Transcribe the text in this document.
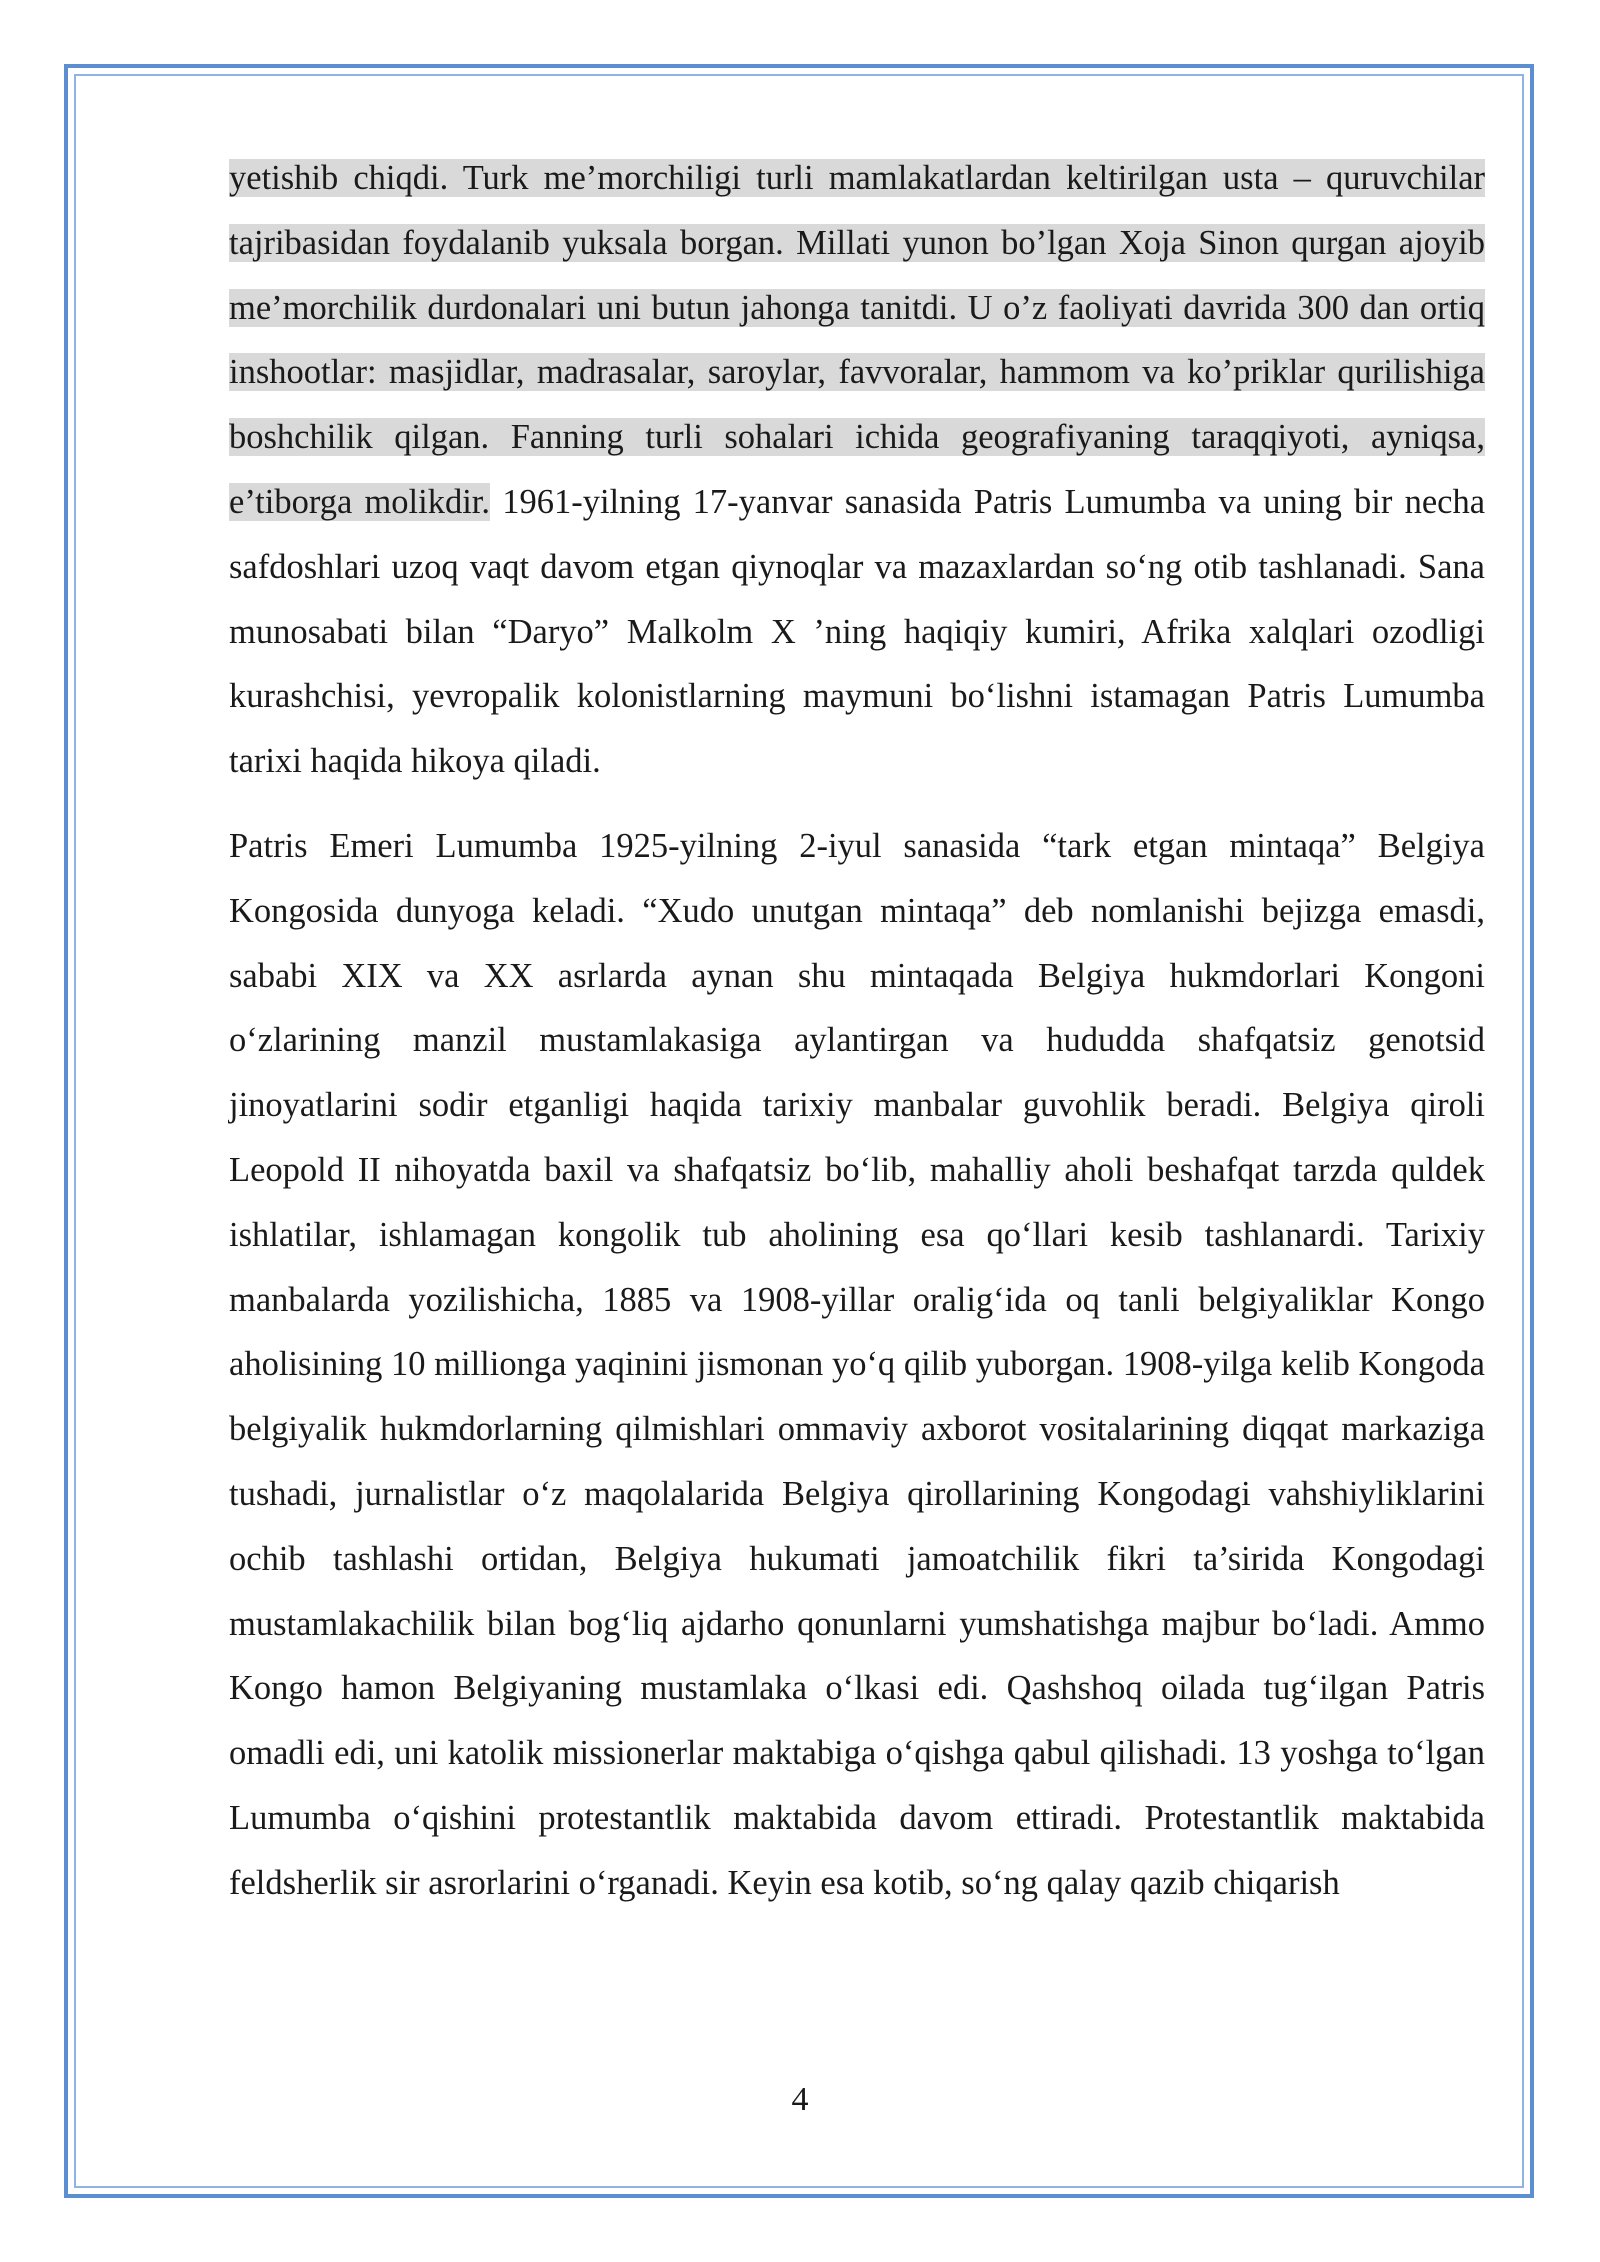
yetishib chiqdi. Turk me’morchiligi turli mamlakatlardan keltirilgan usta – quruvchilar tajribasidan foydalanib yuksala borgan. Millati yunon bo’lgan Xoja Sinon qurgan ajoyib me’morchilik durdonalari uni butun jahonga tanitdi. U o’z faoliyati davrida 300 dan ortiq inshootlar: masjidlar, madrasalar, saroylar, favvoralar, hammom va ko’priklar qurilishiga boshchilik qilgan. Fanning turli sohalari ichida geografiyaning taraqqiyoti, ayniqsa, e’tiborga molikdir. 1961-yilning 17-yanvar sanasida Patris Lumumba va uning bir necha safdoshlari uzoq vaqt davom etgan qiynoqlar va mazaxlardan so‘ng otib tashlanadi. Sana munosabati bilan “Daryo” Malkolm X ’ning haqiqiy kumiri, Afrika xalqlari ozodligi kurashchisi, yevropalik kolonistlarning maymuni bo‘lishni istamagan Patris Lumumba tarixi haqida hikoya qiladi.

Patris Emeri Lumumba 1925-yilning 2-iyul sanasida “tark etgan mintaqa” Belgiya Kongosida dunyoga keladi. “Xudo unutgan mintaqa” deb nomlanishi bejizga emasdi, sababi XIX va XX asrlarda aynan shu mintaqada Belgiya hukmdorlari Kongoni o‘zlarining manzil mustamlakasiga aylantirgan va hududda shafqatsiz genotsid jinoyatlarini sodir etganligi haqida tarixiy manbalar guvohlik beradi. Belgiya qiroli Leopold II nihoyatda baxil va shafqatsiz bo‘lib, mahalliy aholi beshafqat tarzda quldek ishlatilar, ishlamagan kongolik tub aholining esa qo‘llari kesib tashlanardi. Tarixiy manbalarda yozilishicha, 1885 va 1908-yillar oralig‘ida oq tanli belgiyaliklar Kongo aholisining 10 millionga yaqinini jismonan yo‘q qilib yuborgan. 1908-yilga kelib Kongoda belgiyalik hukmdorlarning qilmishlari ommaviy axborot vositalarining diqqat markaziga tushadi, jurnalistlar o‘z maqolalarida Belgiya qirollarining Kongodagi vahshiyliklarini ochib tashlashi ortidan, Belgiya hukumati jamoatchilik fikri ta’sirida Kongodagi mustamlakachilik bilan bog‘liq ajdarho qonunlarni yumshatishga majbur bo‘ladi. Ammo Kongo hamon Belgiyaning mustamlaka o‘lkasi edi. Qashshoq oilada tug‘ilgan Patris omadli edi, uni katolik missionerlar maktabiga o‘qishga qabul qilishadi. 13 yoshga to‘lgan Lumumba o‘qishini protestantlik maktabida davom ettiradi. Protestantlik maktabida feldsherlik sir asrorlarini o‘rganadi. Keyin esa kotib, so‘ng qalay qazib chiqarish

4
